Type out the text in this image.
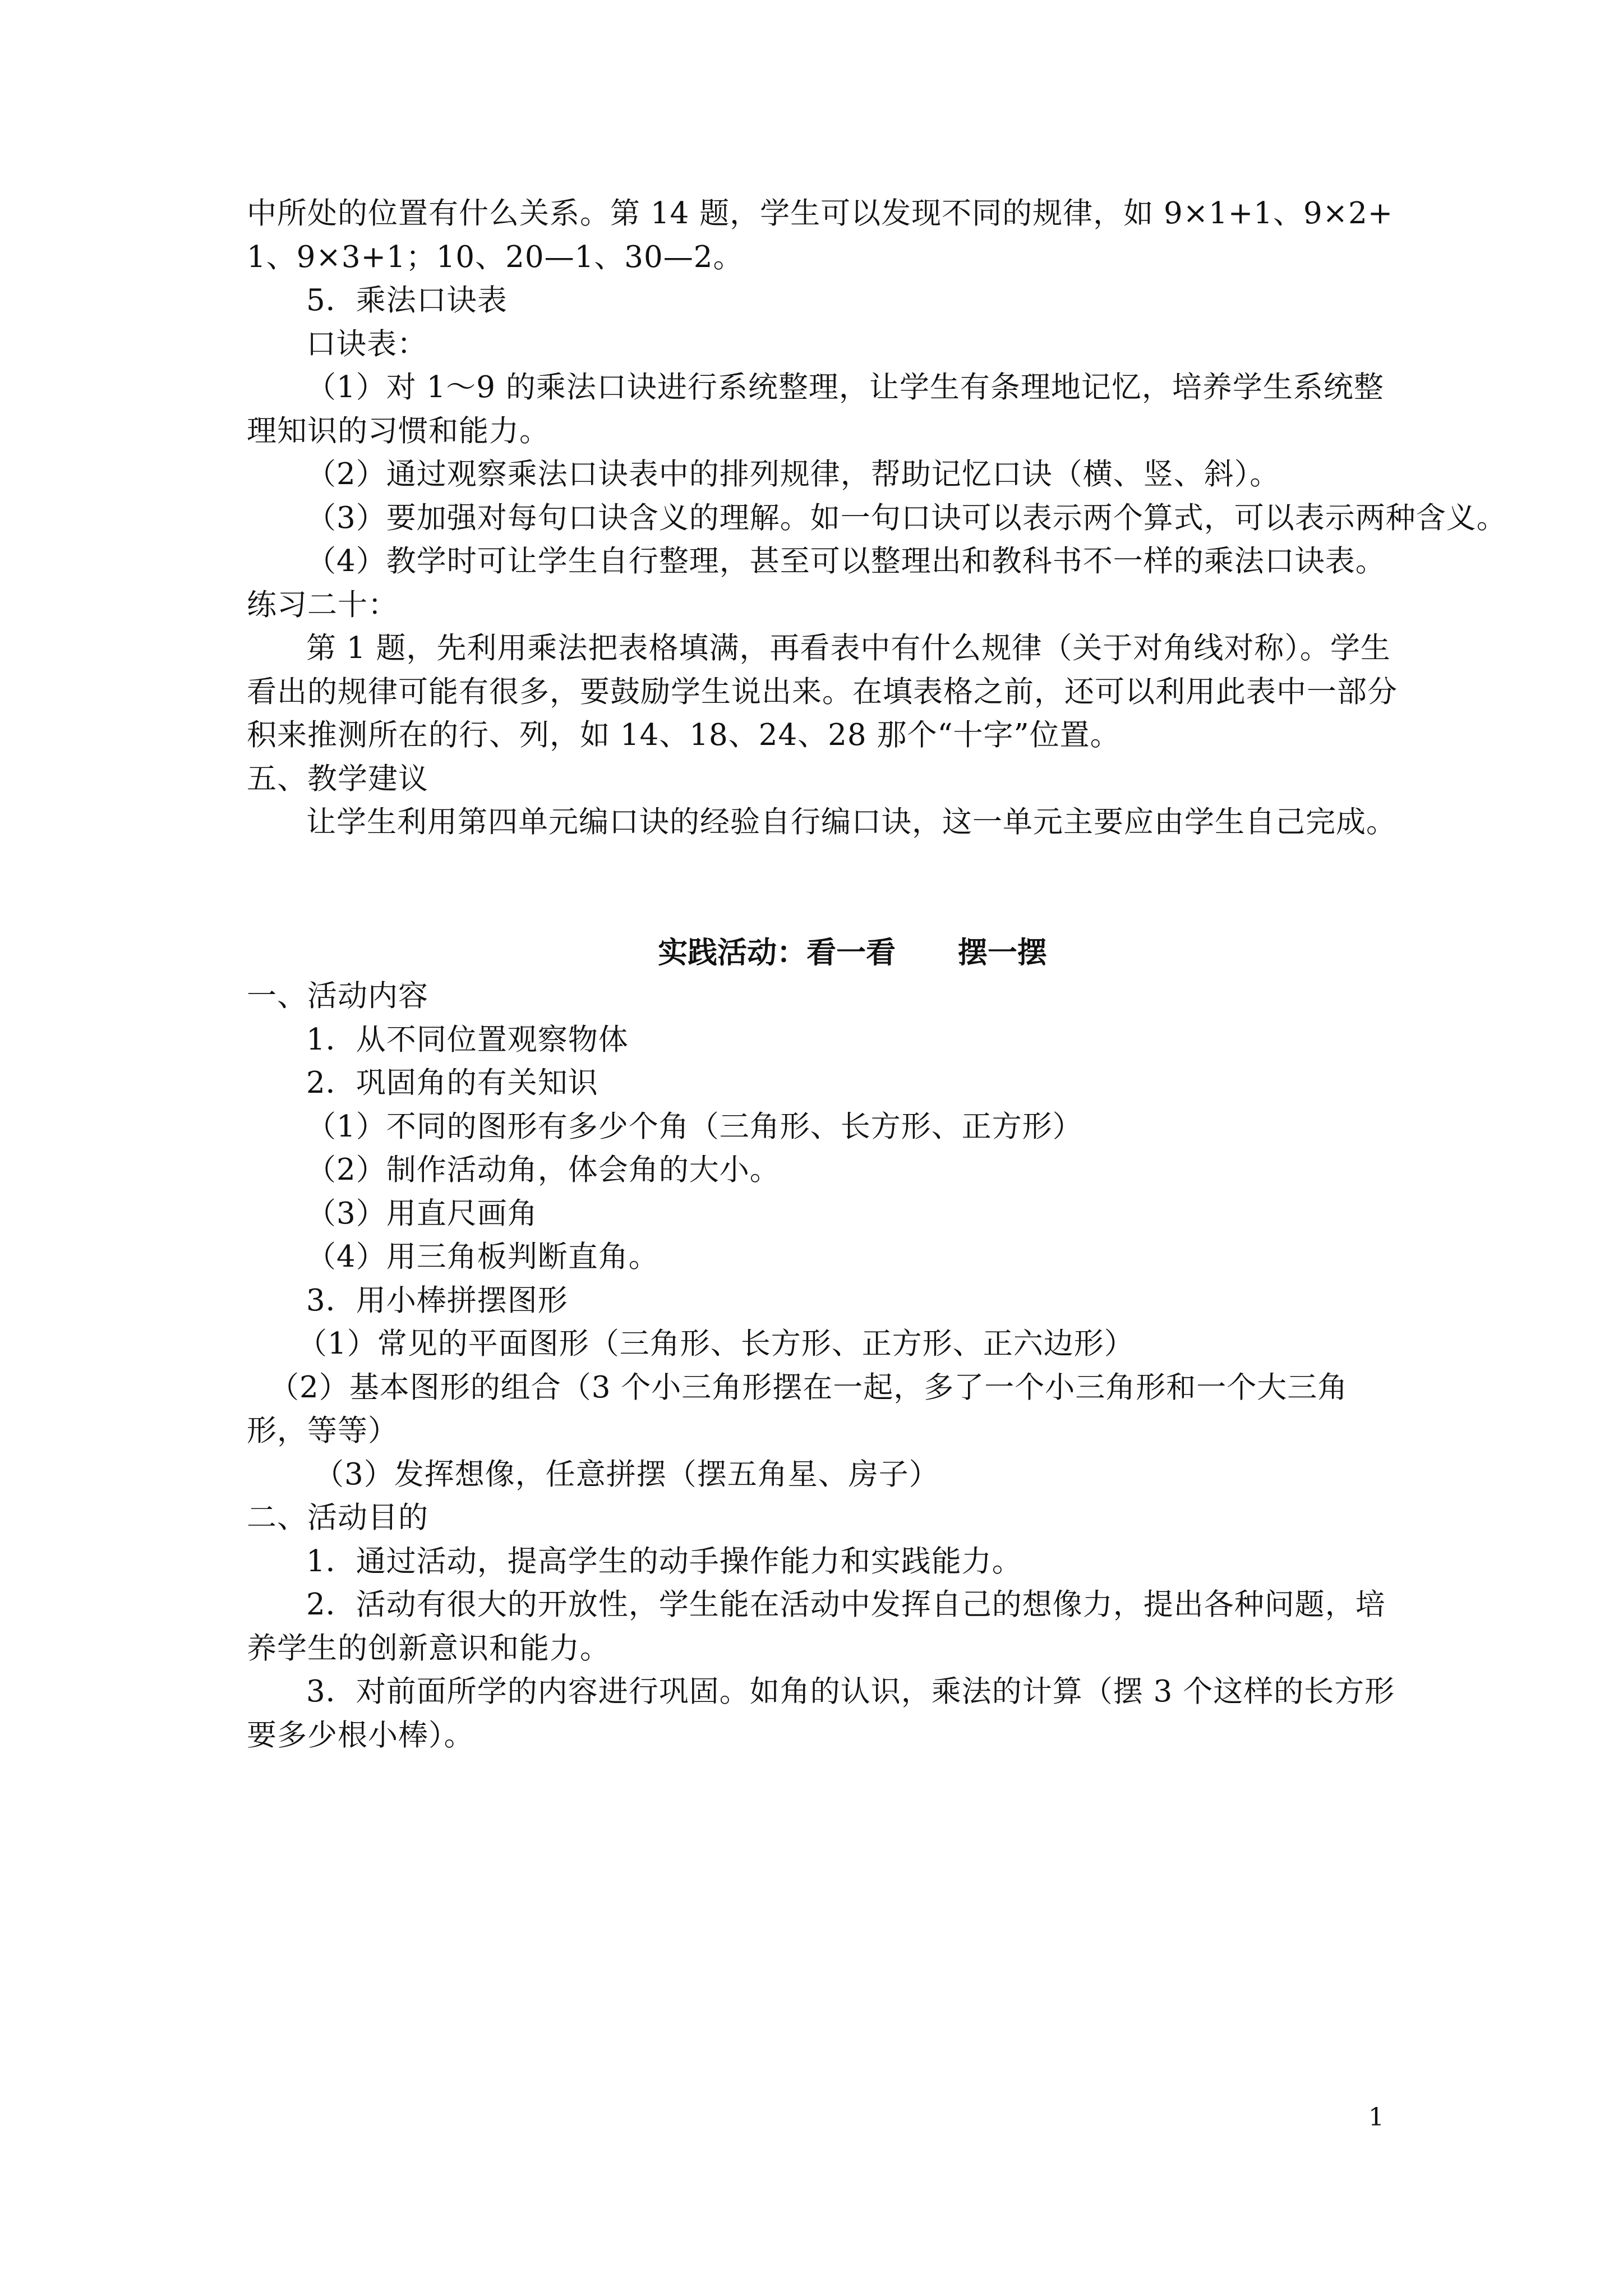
中所处的位置有什么关系。第 14 题，学生可以发现不同的规律，如 9×1+1、9×2+1、9×3+1；10、20—1、30—2。
5．乘法口诀表
口诀表：
（1）对 1～9 的乘法口诀进行系统整理，让学生有条理地记忆，培养学生系统整理知识的习惯和能力。
（2）通过观察乘法口诀表中的排列规律，帮助记忆口诀（横、竖、斜）。
（3）要加强对每句口诀含义的理解。如一句口诀可以表示两个算式，可以表示两种含义。
（4）教学时可让学生自行整理，甚至可以整理出和教科书不一样的乘法口诀表。
练习二十：
第 1 题，先利用乘法把表格填满，再看表中有什么规律（关于对角线对称）。学生看出的规律可能有很多，要鼓励学生说出来。在填表格之前，还可以利用此表中一部分积来推测所在的行、列，如 14、18、24、28 那个“十字”位置。
五、教学建议
让学生利用第四单元编口诀的经验自行编口诀，这一单元主要应由学生自己完成。
实践活动：看一看      摆一摆
一、活动内容
1．从不同位置观察物体
2．巩固角的有关知识
（1）不同的图形有多少个角（三角形、长方形、正方形）
（2）制作活动角，体会角的大小。
（3）用直尺画角
（4）用三角板判断直角。
3．用小棒拼摆图形
（1）常见的平面图形（三角形、长方形、正方形、正六边形）
（2）基本图形的组合（3 个小三角形摆在一起，多了一个小三角形和一个大三角形，等等）
（3）发挥想像，任意拼摆（摆五角星、房子）
二、活动目的
1．通过活动，提高学生的动手操作能力和实践能力。
2．活动有很大的开放性，学生能在活动中发挥自己的想像力，提出各种问题，培养学生的创新意识和能力。
3．对前面所学的内容进行巩固。如角的认识，乘法的计算（摆 3 个这样的长方形要多少根小棒）。
1
